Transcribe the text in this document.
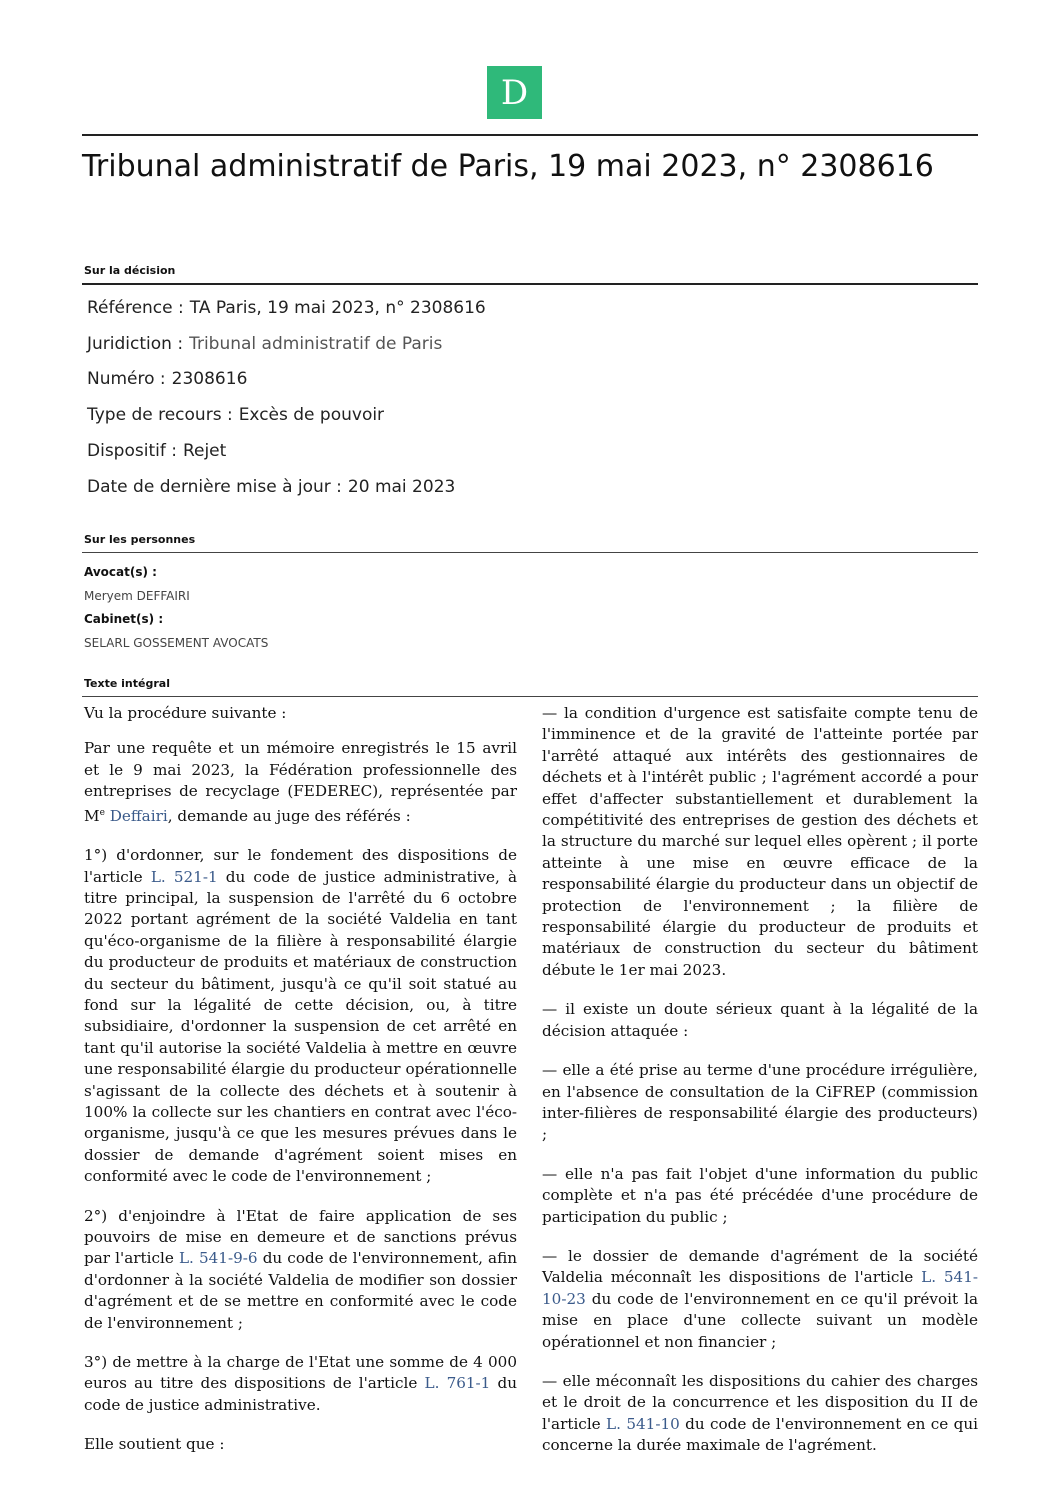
D
Tribunal administratif de Paris, 19 mai 2023, n° 2308616
Sur la décision
Référence : TA Paris, 19 mai 2023, n° 2308616
Juridiction : Tribunal administratif de Paris
Numéro : 2308616
Type de recours : Excès de pouvoir
Dispositif : Rejet
Date de dernière mise à jour : 20 mai 2023
Sur les personnes
Avocat(s) :
Meryem DEFFAIRI
Cabinet(s) :
SELARL GOSSEMENT AVOCATS
Texte intégral

Vu la procédure suivante :

Par une requête et un mémoire enregistrés le 15 avril et le 9 mai 2023, la Fédération professionnelle des entreprises de recyclage (FEDEREC), représentée par Me Deffairi, demande au juge des référés :

1°) d'ordonner, sur le fondement des dispositions de l'article L. 521-1 du code de justice administrative, à titre principal, la suspension de l'arrêté du 6 octobre 2022 portant agrément de la société Valdelia en tant qu'éco-organisme de la filière à responsabilité élargie du producteur de produits et matériaux de construction du secteur du bâtiment, jusqu'à ce qu'il soit statué au fond sur la légalité de cette décision, ou, à titre subsidiaire, d'ordonner la suspension de cet arrêté en tant qu'il autorise la société Valdelia à mettre en œuvre une responsabilité élargie du producteur opérationnelle s'agissant de la collecte des déchets et à soutenir à 100% la collecte sur les chantiers en contrat avec l'éco-organisme, jusqu'à ce que les mesures prévues dans le dossier de demande d'agrément soient mises en conformité avec le code de l'environnement ;

2°) d'enjoindre à l'Etat de faire application de ses pouvoirs de mise en demeure et de sanctions prévus par l'article L. 541-9-6 du code de l'environnement, afin d'ordonner à la société Valdelia de modifier son dossier d'agrément et de se mettre en conformité avec le code de l'environnement ;

3°) de mettre à la charge de l'Etat une somme de 4 000 euros au titre des dispositions de l'article L. 761-1 du code de justice administrative.

Elle soutient que :

— la condition d'urgence est satisfaite compte tenu de l'imminence et de la gravité de l'atteinte portée par l'arrêté attaqué aux intérêts des gestionnaires de déchets et à l'intérêt public ; l'agrément accordé a pour effet d'affecter substantiellement et durablement la compétitivité des entreprises de gestion des déchets et la structure du marché sur lequel elles opèrent ; il porte atteinte à une mise en œuvre efficace de la responsabilité élargie du producteur dans un objectif de protection de l'environnement ; la filière de responsabilité élargie du producteur de produits et matériaux de construction du secteur du bâtiment débute le 1er mai 2023.

— il existe un doute sérieux quant à la légalité de la décision attaquée :

— elle a été prise au terme d'une procédure irrégulière, en l'absence de consultation de la CiFREP (commission inter-filières de responsabilité élargie des producteurs) ;

— elle n'a pas fait l'objet d'une information du public complète et n'a pas été précédée d'une procédure de participation du public ;

— le dossier de demande d'agrément de la société Valdelia méconnaît les dispositions de l'article L. 541-10-23 du code de l'environnement en ce qu'il prévoit la mise en place d'une collecte suivant un modèle opérationnel et non financier ;

— elle méconnaît les dispositions du cahier des charges et le droit de la concurrence et les disposition du II de l'article L. 541-10 du code de l'environnement en ce qui concerne la durée maximale de l'agrément.
